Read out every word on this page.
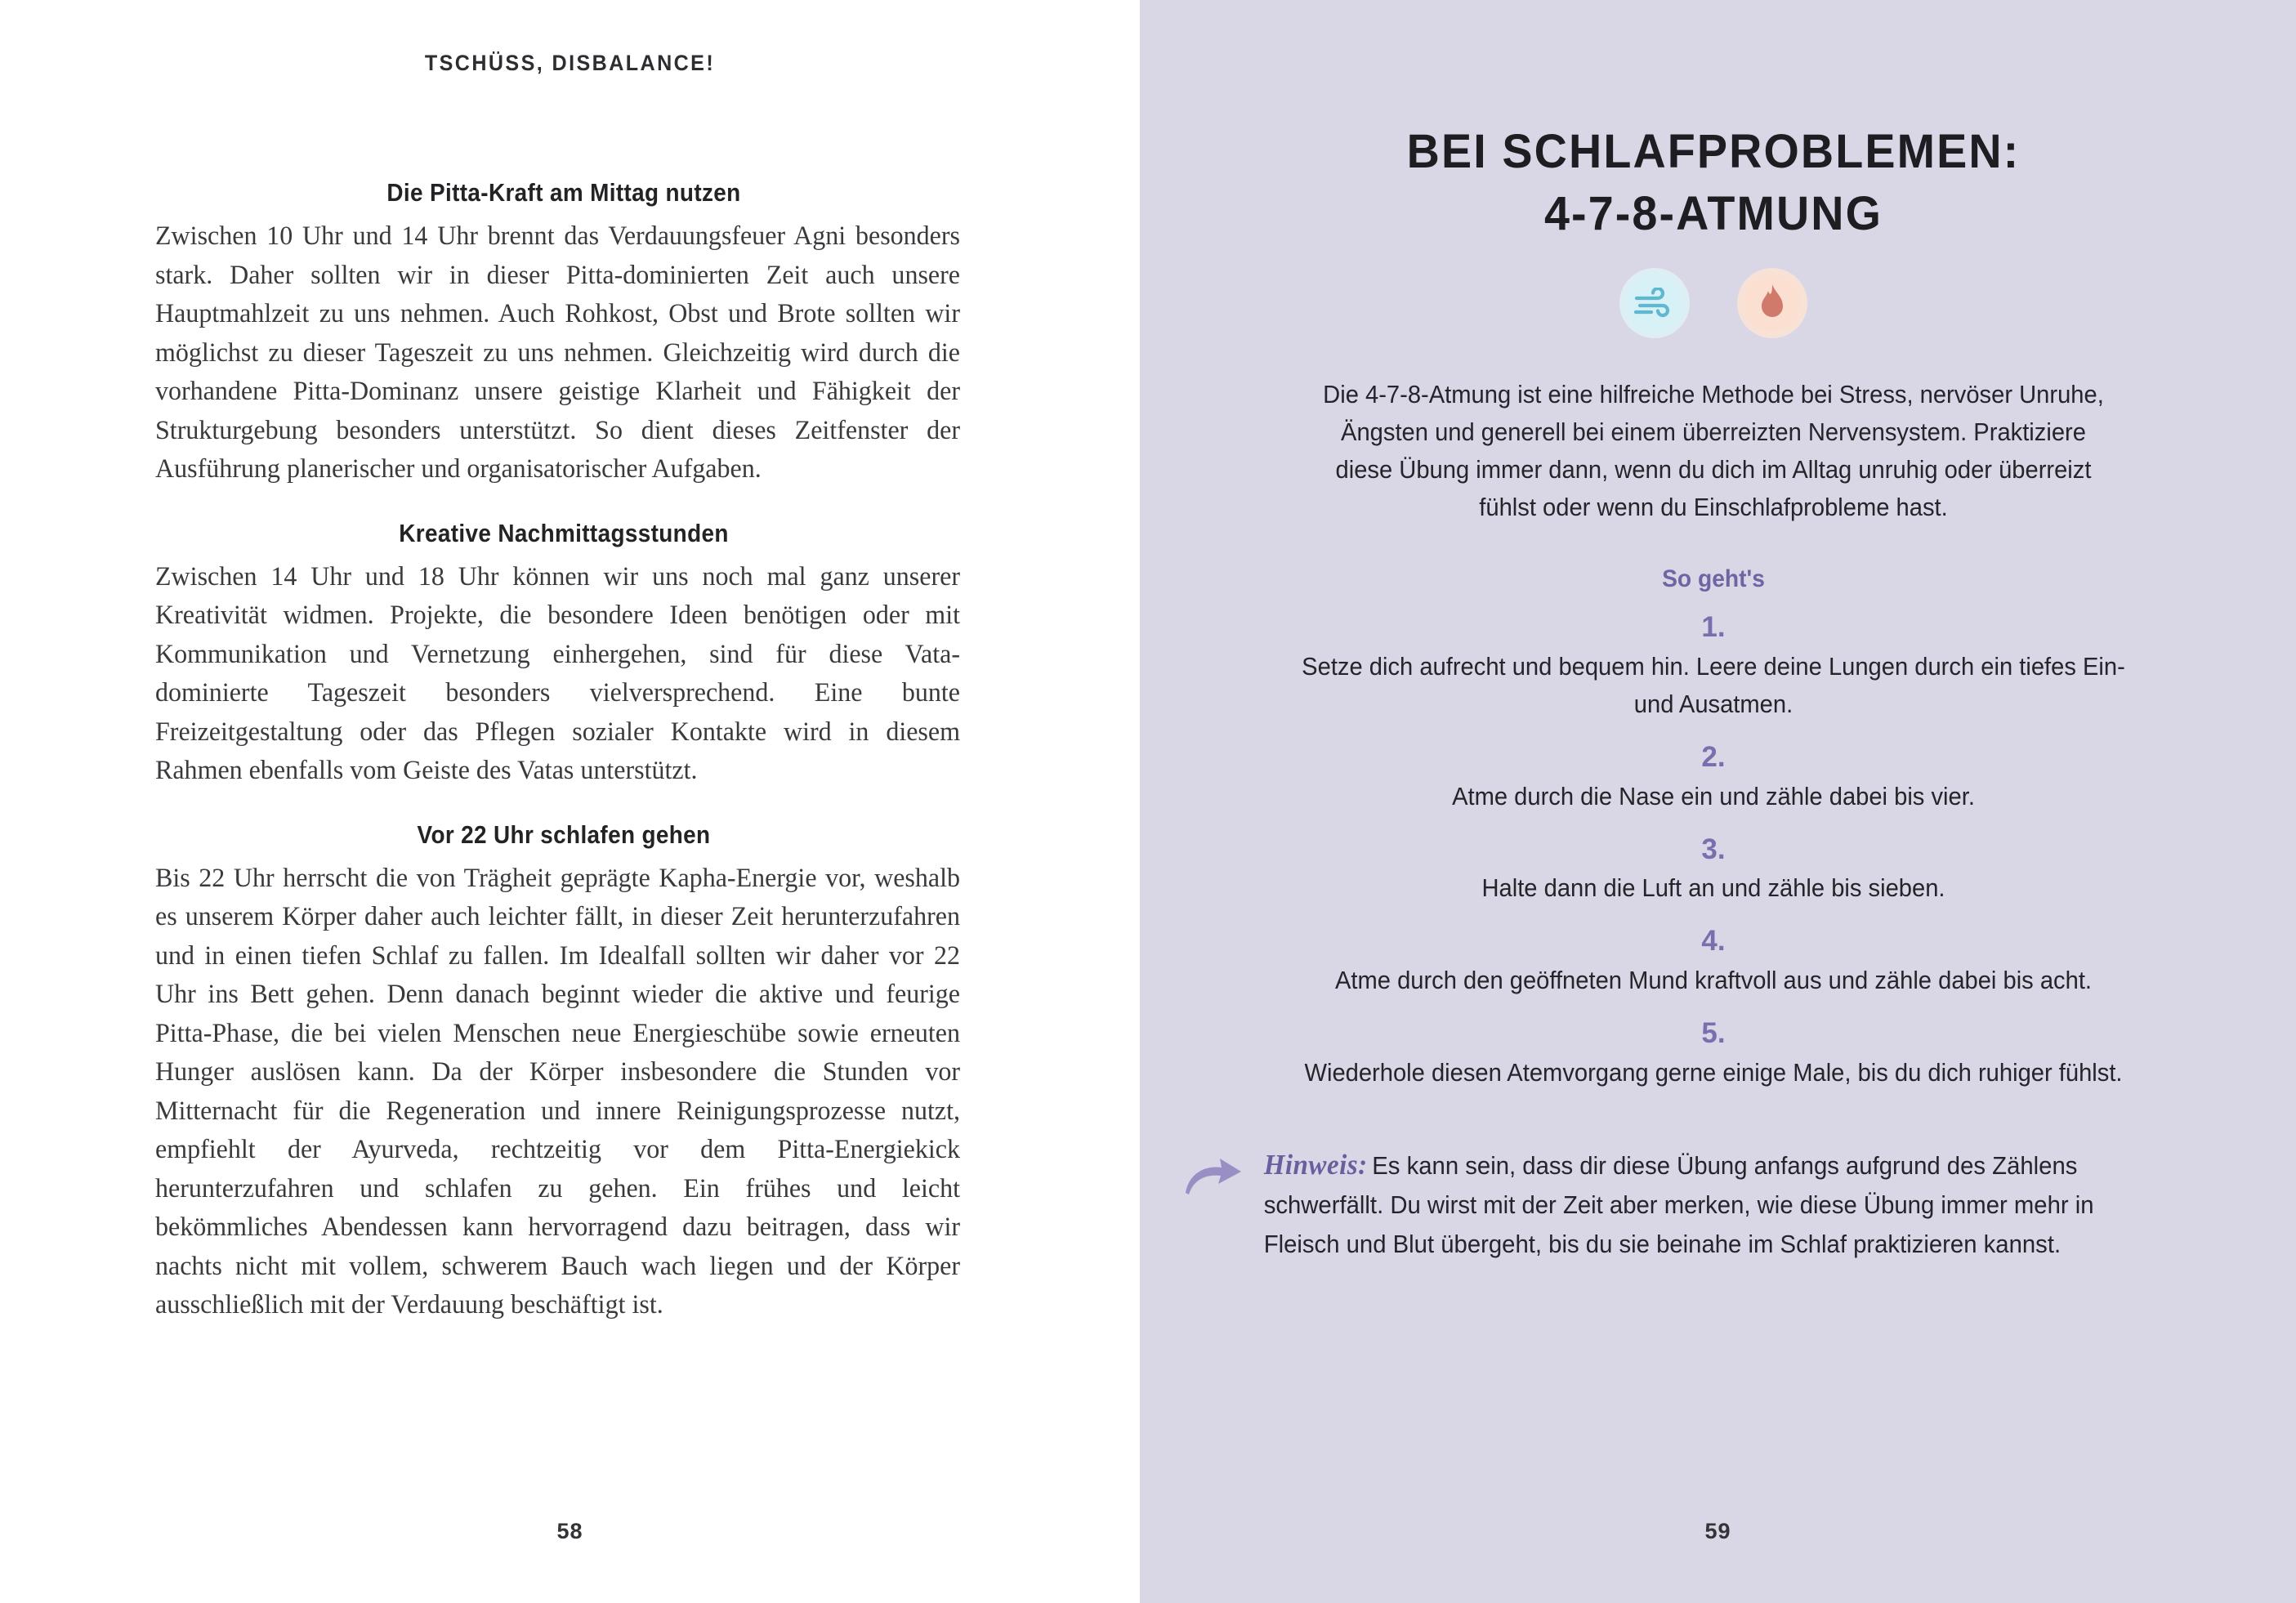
TSCHÜSS, DISBALANCE!
Die Pitta-Kraft am Mittag nutzen

Zwischen 10 Uhr und 14 Uhr brennt das Verdauungsfeuer Agni besonders stark. Daher sollten wir in dieser Pitta-dominierten Zeit auch unsere Hauptmahlzeit zu uns nehmen. Auch Rohkost, Obst und Brote sollten wir möglichst zu dieser Tageszeit zu uns nehmen. Gleichzeitig wird durch die vorhandene Pitta-Dominanz unsere geistige Klarheit und Fähigkeit der Strukturgebung besonders unterstützt. So dient dieses Zeitfenster der Ausführung planerischer und organisatorischer Aufgaben.

Kreative Nachmittagsstunden

Zwischen 14 Uhr und 18 Uhr können wir uns noch mal ganz unserer Kreativität widmen. Projekte, die besondere Ideen benötigen oder mit Kommunikation und Vernetzung einhergehen, sind für diese Vata-dominierte Tageszeit besonders vielversprechend. Eine bunte Freizeitgestaltung oder das Pflegen sozialer Kontakte wird in diesem Rahmen ebenfalls vom Geiste des Vatas unterstützt.

Vor 22 Uhr schlafen gehen

Bis 22 Uhr herrscht die von Trägheit geprägte Kapha-Energie vor, weshalb es unserem Körper daher auch leichter fällt, in dieser Zeit herunterzufahren und in einen tiefen Schlaf zu fallen. Im Idealfall sollten wir daher vor 22 Uhr ins Bett gehen. Denn danach beginnt wieder die aktive und feurige Pitta-Phase, die bei vielen Menschen neue Energieschübe sowie erneuten Hunger auslösen kann. Da der Körper insbesondere die Stunden vor Mitternacht für die Regeneration und innere Reinigungsprozesse nutzt, empfiehlt der Ayurveda, rechtzeitig vor dem Pitta-Energiekick herunterzufahren und schlafen zu gehen. Ein frühes und leicht bekömmliches Abendessen kann hervorragend dazu beitragen, dass wir nachts nicht mit vollem, schwerem Bauch wach liegen und der Körper ausschließlich mit der Verdauung beschäftigt ist.

58
BEI SCHLAFPROBLEMEN:
4-7-8-ATMUNG

Die 4-7-8-Atmung ist eine hilfreiche Methode bei Stress, nervöser Unruhe, Ängsten und generell bei einem überreizten Nervensystem. Praktiziere diese Übung immer dann, wenn du dich im Alltag unruhig oder überreizt fühlst oder wenn du Einschlafprobleme hast.

So geht's
1.
Setze dich aufrecht und bequem hin. Leere deine Lungen durch ein tiefes Ein- und Ausatmen.
2.
Atme durch die Nase ein und zähle dabei bis vier.
3.
Halte dann die Luft an und zähle bis sieben.
4.
Atme durch den geöffneten Mund kraftvoll aus und zähle dabei bis acht.
5.
Wiederhole diesen Atemvorgang gerne einige Male, bis du dich ruhiger fühlst.

Hinweis: Es kann sein, dass dir diese Übung anfangs aufgrund des Zählens schwerfällt. Du wirst mit der Zeit aber merken, wie diese Übung immer mehr in Fleisch und Blut übergeht, bis du sie beinahe im Schlaf praktizieren kannst.

59
